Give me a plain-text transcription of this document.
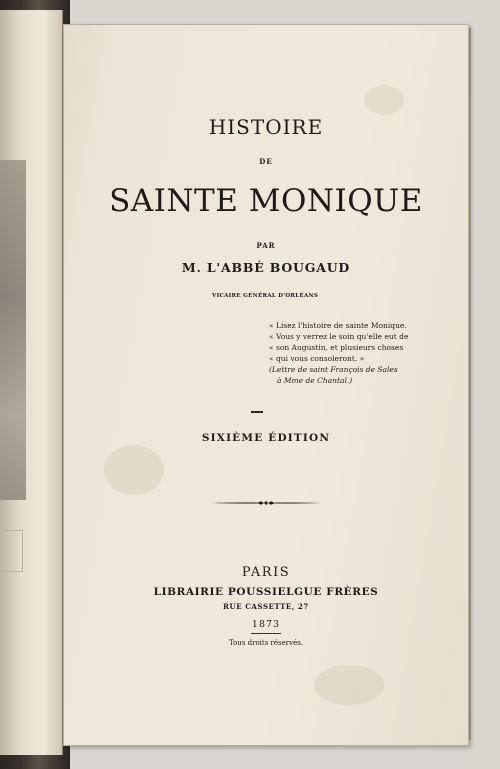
HISTOIRE
DE
SAINTE MONIQUE
PAR
M. L'ABBÉ BOUGAUD
VICAIRE GÉNÉRAL D'ORLÉANS
« Lisez l'histoire de sainte Monique.
« Vous y verrez le soin qu'elle eut de
« son Augustin, et plusieurs choses
« qui vous consoleront. »
(Lettre de saint François de Sales
à Mme de Chantal.)
SIXIÈME ÉDITION
PARIS
LIBRAIRIE POUSSIELGUE FRÈRES
RUE CASSETTE, 27
1873
Tous droits réservés.
